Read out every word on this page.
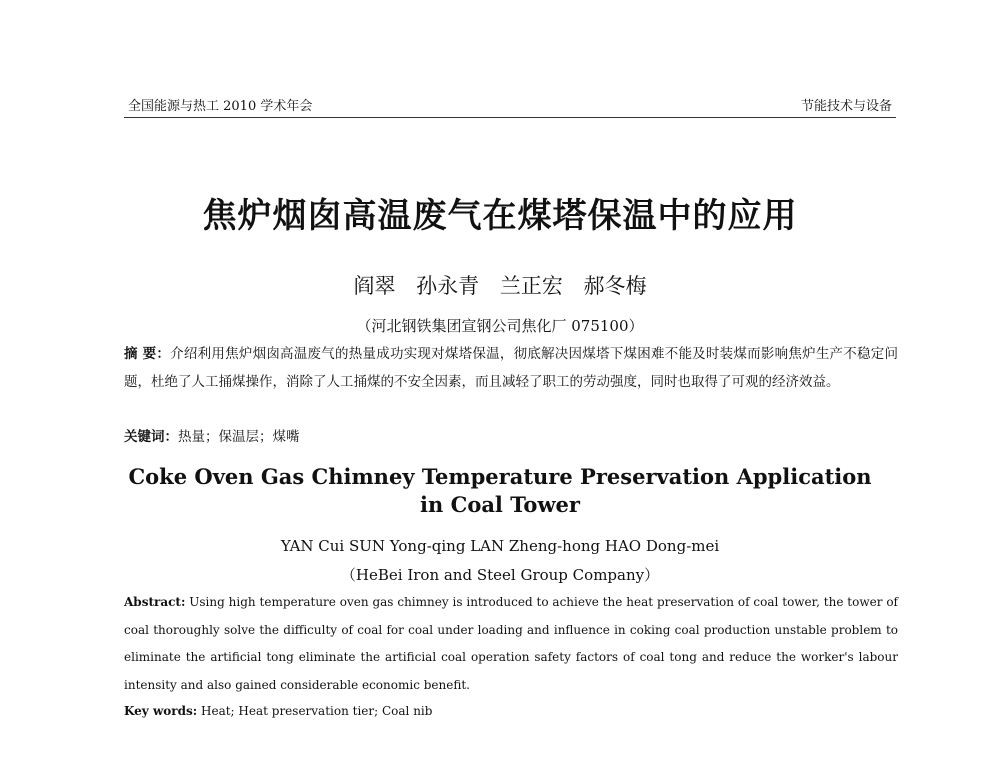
全国能源与热工 2010 学术年会	节能技术与设备
焦炉烟囱高温废气在煤塔保温中的应用
阎翠 孙永青 兰正宏 郝冬梅
（河北钢铁集团宣钢公司焦化厂 075100）
摘 要：介绍利用焦炉烟囱高温废气的热量成功实现对煤塔保温，彻底解决因煤塔下煤困难不能及时装煤而影响焦炉生产不稳定问题，杜绝了人工捅煤操作，消除了人工捅煤的不安全因素，而且减轻了职工的劳动强度，同时也取得了可观的经济效益。
关键词：热量；保温层；煤嘴
Coke Oven Gas Chimney Temperature Preservation Application
in Coal Tower
YAN Cui SUN Yong-qing LAN Zheng-hong HAO Dong-mei
（HeBei Iron and Steel Group Company）
Abstract: Using high temperature oven gas chimney is introduced to achieve the heat preservation of coal tower, the tower of coal thoroughly solve the difficulty of coal for coal under loading and influence in coking coal production unstable problem to eliminate the artificial tong eliminate the artificial coal operation safety factors of coal tong and reduce the worker's labour intensity and also gained considerable economic benefit.
Key words: Heat; Heat preservation tier; Coal nib
